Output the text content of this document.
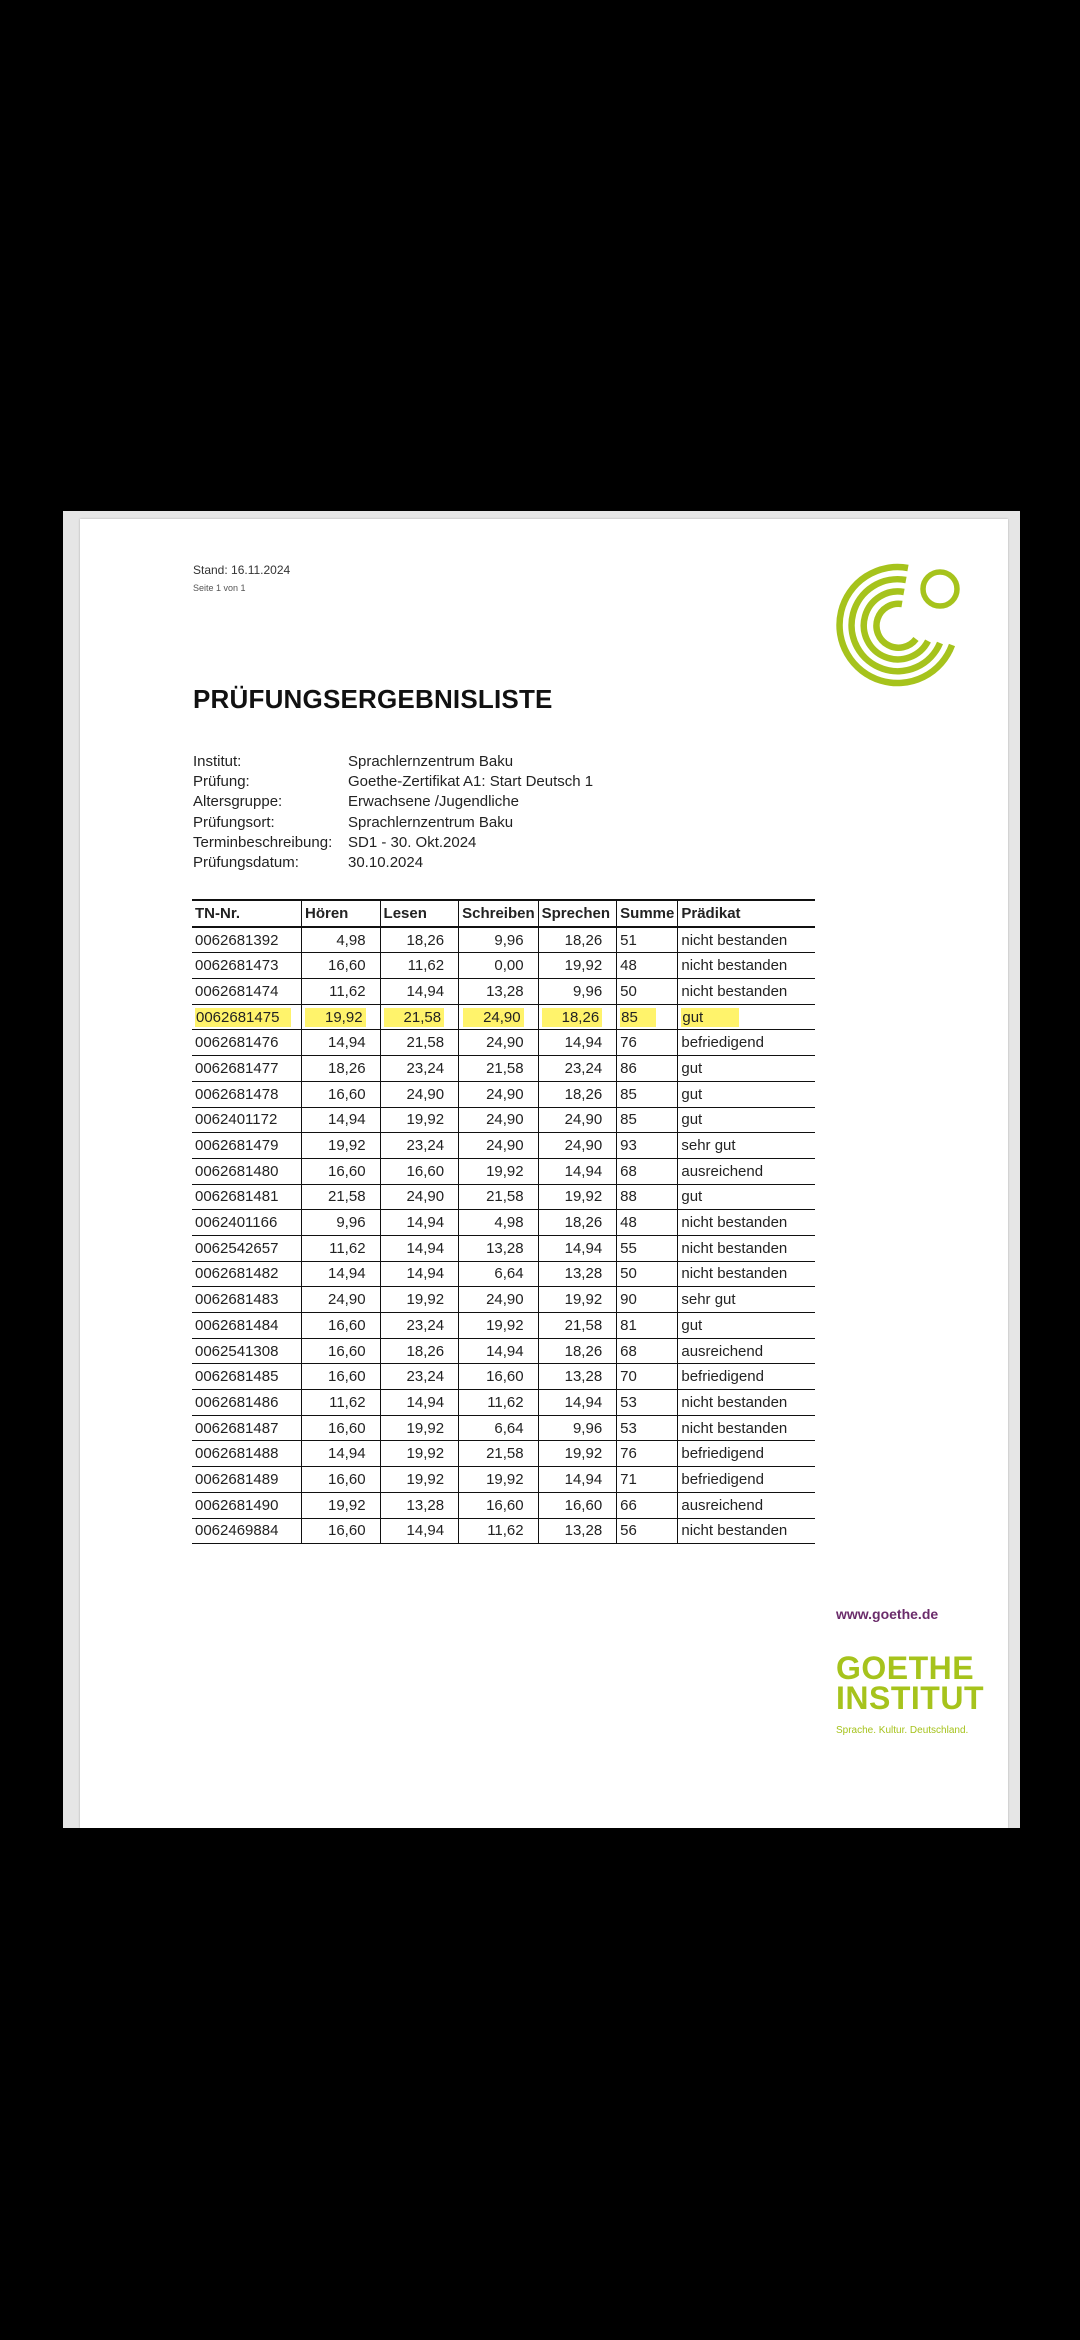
Stand: 16.11.2024
Seite 1 von 1
PRÜFUNGSERGEBNISLISTE
Institut:	Sprachlernzentrum Baku
Prüfung:	Goethe-Zertifikat A1: Start Deutsch 1
Altersgruppe:	Erwachsene /Jugendliche
Prüfungsort:	Sprachlernzentrum Baku
Terminbeschreibung:	SD1 - 30. Okt.2024
Prüfungsdatum:	30.10.2024
TN-Nr.	Hören	Lesen	Schreiben	Sprechen	Summe	Prädikat
0062681392	4,98	18,26	9,96	18,26	51	nicht bestanden
0062681473	16,60	11,62	0,00	19,92	48	nicht bestanden
0062681474	11,62	14,94	13,28	9,96	50	nicht bestanden
0062681475	19,92	21,58	24,90	18,26	85	gut
0062681476	14,94	21,58	24,90	14,94	76	befriedigend
0062681477	18,26	23,24	21,58	23,24	86	gut
0062681478	16,60	24,90	24,90	18,26	85	gut
0062401172	14,94	19,92	24,90	24,90	85	gut
0062681479	19,92	23,24	24,90	24,90	93	sehr gut
0062681480	16,60	16,60	19,92	14,94	68	ausreichend
0062681481	21,58	24,90	21,58	19,92	88	gut
0062401166	9,96	14,94	4,98	18,26	48	nicht bestanden
0062542657	11,62	14,94	13,28	14,94	55	nicht bestanden
0062681482	14,94	14,94	6,64	13,28	50	nicht bestanden
0062681483	24,90	19,92	24,90	19,92	90	sehr gut
0062681484	16,60	23,24	19,92	21,58	81	gut
0062541308	16,60	18,26	14,94	18,26	68	ausreichend
0062681485	16,60	23,24	16,60	13,28	70	befriedigend
0062681486	11,62	14,94	11,62	14,94	53	nicht bestanden
0062681487	16,60	19,92	6,64	9,96	53	nicht bestanden
0062681488	14,94	19,92	21,58	19,92	76	befriedigend
0062681489	16,60	19,92	19,92	14,94	71	befriedigend
0062681490	19,92	13,28	16,60	16,60	66	ausreichend
0062469884	16,60	14,94	11,62	13,28	56	nicht bestanden
www.goethe.de
GOETHE
INSTITUT
Sprache. Kultur. Deutschland.
